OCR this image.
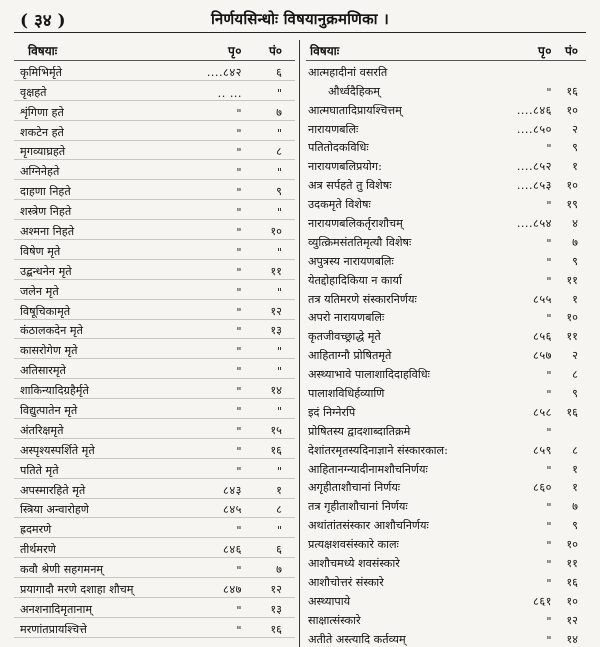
( ३४ )	निर्णयसिन्धोः विषयानुक्रमणिका ।
विषयाः	पृ०	पं०
कृमिभिर्मृते	....८४२	६
वृक्षहते	.. ...	"
शृंगिणा हते	"	७
शकटेन हते	"	"
मृगव्याघ्रहते	"	८
अग्निनेहते	"	"
दाहणा निहते	"	९
शस्त्रेण निहते	"	"
अश्मना निहते	"	१०
विषेण मृते	"	"
उद्बन्धनेन मृते	"	११
जलेन मृते	"	"
विषूचिकामृते	"	१२
कंठालकदेन मृते	"	१३
कासरोगेण मृते	"	"
अतिसारमृते	"	"
शाकिन्यादिग्रहैर्मृते	"	१४
विद्युत्पातेन मृते	"	"
अंतरिक्षमृते	"	१५
अस्पृश्यस्पर्शिते मृते	"	१६
पतिते मृते	"	"
अपस्मारहिते मृते	८४३	१
स्त्रिया अन्वारोहणे	८४५	८
ह्रदमरणे	"	"
तीर्थमरणे	८४६	६
कवौ श्रेणी सहगमनम्	"	७
प्रयागादौ मरणे दशाहा शौचम्	८४७	१२
अनशनादिमृतानाम्	"	१३
मरणांतप्रायश्चित्ते	"	१६
विषयाः	पृ०	पं०
आत्महादीनां वसरति
और्ध्वदैहिकम्	"	१६
आत्मघातादिप्रायश्चित्तम्	....८४६	१०
नारायणबलिः	....८५०	२
पतितोदकविधिः	"	९
नारायणबलिप्रयोग:	....८५२	१
अत्र सर्पहते तु विशेषः	....८५३	१०
उदकमृते विशेषः	"	१९
नारायणबलिकर्तृराशौचम्	....८५४	४
व्युत्क्रिमसंततिमृत्यौ विशेषः	"	७
अपुत्रस्य नारायणबलिः	"	९
येतद्दोहादिकिया न कार्या	"	११
तत्र यतिमरणे संस्कारनिर्णयः	८५५	१
अपरो नारायणबलिः	"	१०
कृतजीवच्छ्राद्धे मृते	८५६	११
आहिताग्नौ प्रोषितमृते	८५७	२
अस्थ्याभावे पालाशादिदाहविधिः	"	८
पालाशविधिर्हव्याणि	"	९
इदं निग्नेरपि	८५८	१६
प्रोषितस्य द्वादशाब्दातिक्रमे	"
देशांतरमृतस्यदिनाज्ञाने संस्कारकाल:	८५९	८
आहितानग्न्यादीनामशौचनिर्णयः	"	१
अगृहीताशौचानां निर्णयः	८६०	१
तत्र गृहीताशौचानां निर्णयः	"	७
अथांतांतसंस्कार आशौचनिर्णयः	"	९
प्रत्यक्षशवसंस्कारे कालः	"	१०
आशौचमध्ये शवसंस्कारे	"	११
आशौचोत्तरं संस्कारे	"	१६
अस्थ्यापाये	८६१	१०
साक्षात्संस्कारे	"	१२
अतीते अस्त्यादि कर्तव्यम्	"	१४
